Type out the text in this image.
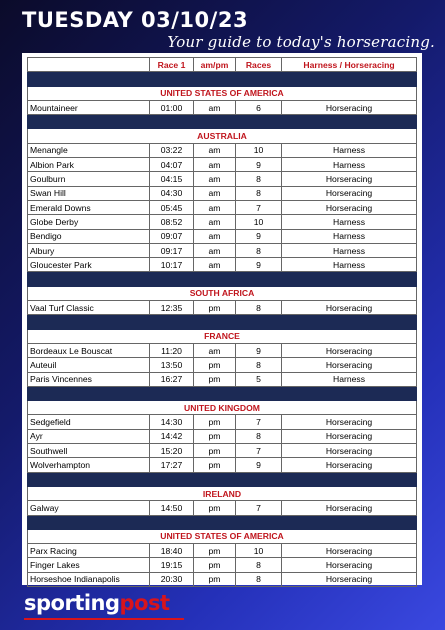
TUESDAY 03/10/23
Your guide to today's horseracing.
	Race 1	am/pm	Races	Harness / Horseracing

UNITED STATES OF AMERICA				
Mountaineer	01:00	am	6	Horseracing

AUSTRALIA				
Menangle	03:22	am	10	Harness
Albion Park	04:07	am	9	Harness
Goulburn	04:15	am	8	Horseracing
Swan Hill	04:30	am	8	Horseracing
Emerald Downs	05:45	am	7	Horseracing
Globe Derby	08:52	am	10	Harness
Bendigo	09:07	am	9	Harness
Albury	09:17	am	8	Harness
Gloucester Park	10:17	am	9	Harness

SOUTH AFRICA				
Vaal Turf Classic	12:35	pm	8	Horseracing

FRANCE				
Bordeaux Le Bouscat	11:20	am	9	Horseracing
Auteuil	13:50	pm	8	Horseracing
Paris Vincennes	16:27	pm	5	Harness

UNITED KINGDOM				
Sedgefield	14:30	pm	7	Horseracing
Ayr	14:42	pm	8	Horseracing
Southwell	15:20	pm	7	Horseracing
Wolverhampton	17:27	pm	9	Horseracing

IRELAND				
Galway	14:50	pm	7	Horseracing

UNITED STATES OF AMERICA				
Parx Racing	18:40	pm	10	Horseracing
Finger Lakes	19:15	pm	8	Horseracing
Horseshoe Indianapolis	20:30	pm	8	Horseracing
sportingpost
